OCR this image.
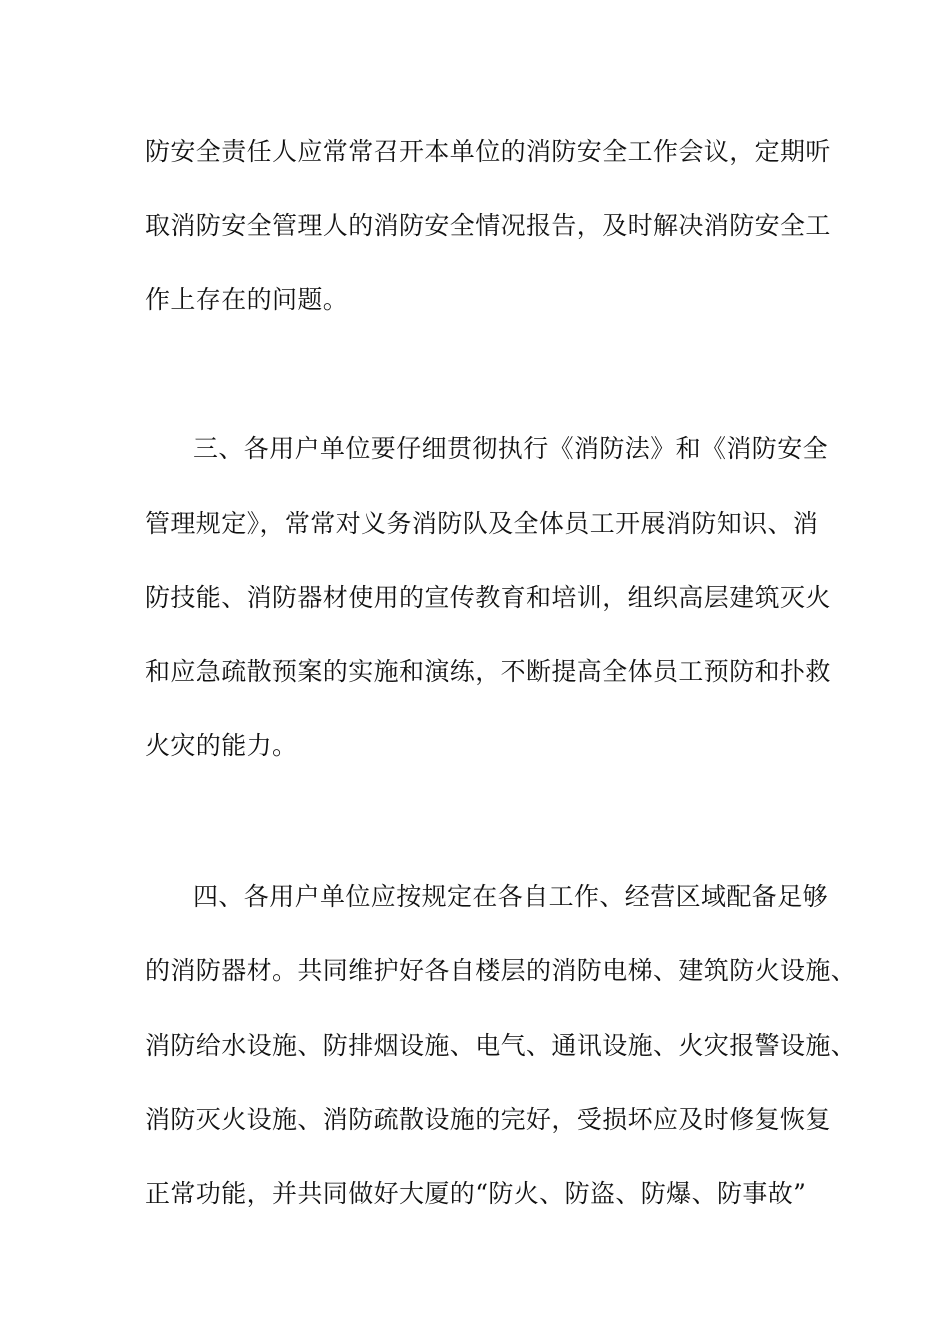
防安全责任人应常常召开本单位的消防安全工作会议，定期听
取消防安全管理人的消防安全情况报告，及时解决消防安全工
作上存在的问题。
三、各用户单位要仔细贯彻执行《消防法》和《消防安全
管理规定》，常常对义务消防队及全体员工开展消防知识、消
防技能、消防器材使用的宣传教育和培训，组织高层建筑灭火
和应急疏散预案的实施和演练，不断提高全体员工预防和扑救
火灾的能力。
四、各用户单位应按规定在各自工作、经营区域配备足够
的消防器材。共同维护好各自楼层的消防电梯、建筑防火设施、
消防给水设施、防排烟设施、电气、通讯设施、火灾报警设施、
消防灭火设施、消防疏散设施的完好，受损坏应及时修复恢复
正常功能，并共同做好大厦的“防火、防盗、防爆、防事故”
